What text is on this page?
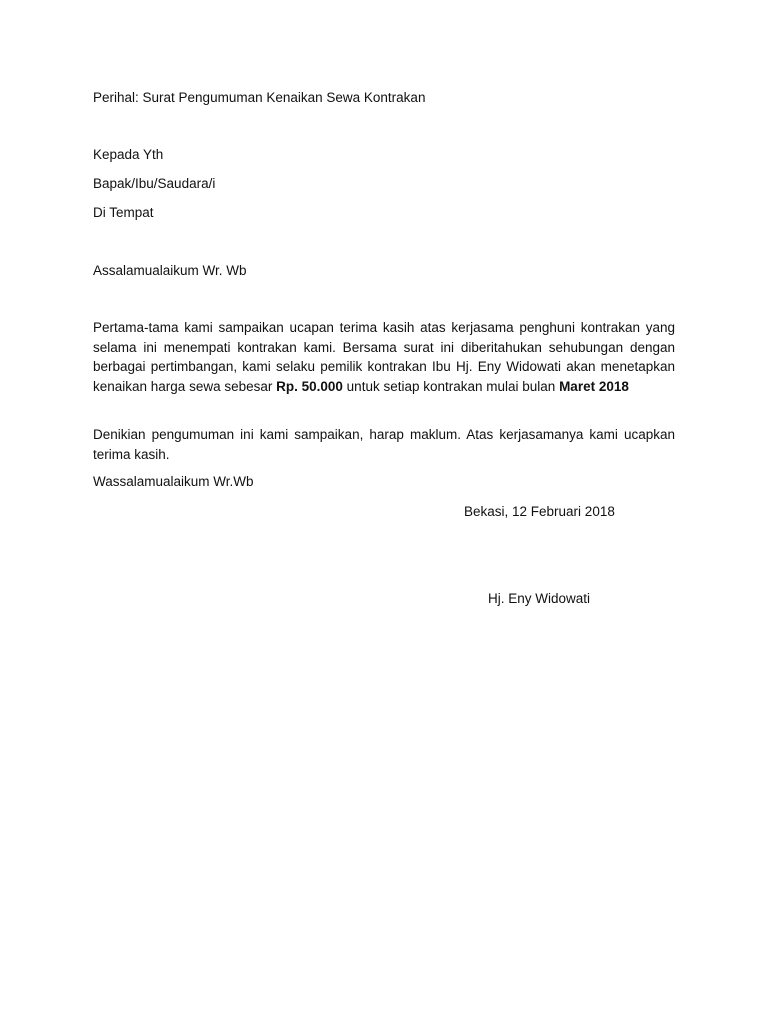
Perihal: Surat Pengumuman Kenaikan Sewa Kontrakan
Kepada Yth
Bapak/Ibu/Saudara/i
Di Tempat
Assalamualaikum Wr. Wb
Pertama-tama kami sampaikan ucapan terima kasih atas kerjasama penghuni kontrakan yang selama ini menempati kontrakan kami. Bersama surat ini diberitahukan sehubungan dengan berbagai pertimbangan, kami selaku pemilik kontrakan Ibu Hj. Eny Widowati akan menetapkan kenaikan harga sewa sebesar Rp. 50.000 untuk setiap kontrakan mulai bulan Maret 2018
Denikian pengumuman ini kami sampaikan, harap maklum. Atas kerjasamanya kami ucapkan terima kasih.
Wassalamualaikum Wr.Wb
Bekasi, 12 Februari 2018
Hj. Eny Widowati
